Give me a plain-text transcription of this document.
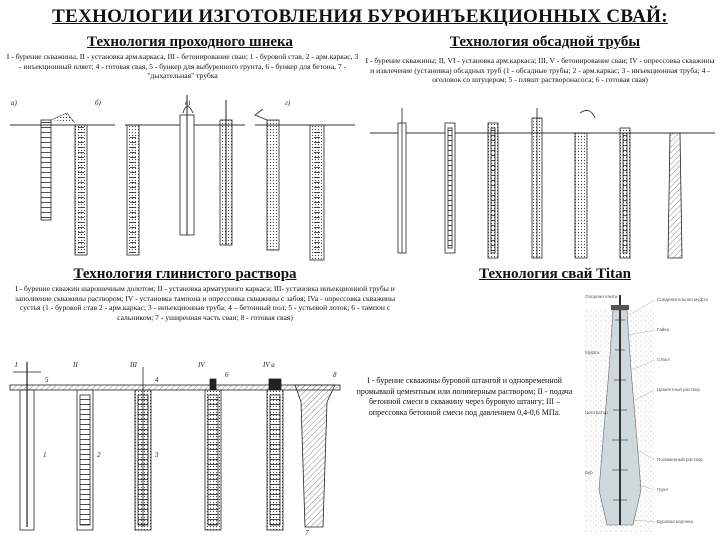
ТЕХНОЛОГИИ ИЗГОТОВЛЕНИЯ БУРОИНЪЕКЦИОННЫХ СВАЙ:
Технология проходного шнека
I - бурение скважины, II - установка арм.каркаса, III - бетонирование сваи; 1 - буровой став, 2 - арм.каркас, 3 - инъекционный пляет; 4 - готовая свая, 5 - бункер для выбуренного грунта, 6 - бункер для бетона, 7 - "дыхательная" трубка
а)	б)	в)	г)
Технология обсадной трубы
I - бурение скважины; II, VI - установка арм.каркаса; III, V - бетонирование сваи; IV - опрессовка скважины и извлечение (установка) обсадных труб (1 - обсадные трубы; 2 - арм.каркас; 3 - инъекционная труба; 4 - оголовок со штуцером; 5 - пляшт растворонасоса; 6 - готовая свая)
Технология глинистого раствора
I - бурение скважин шарошечным долотом; II - установка арматурного каркаса; III- установка инъекционной трубы и заполнение скважины раствором; IV - установка тампона и опрессовка скважины с забоя; IVa - опрессовка скважины сустья (1 - буровой став 2 - арм.каркас; 3 - инъекционная труба; 4 – бетонный пол; 5 - устьевой лоток; 6 - тампон с сальником; 7 - уширенная часть сваи; 8 - готовая свая)
I	II	III	IV	IV а
1	2	3
4
5
6
7
8
Технология свай Titan
I - бурение скважины буровой штангой и одновременной промывкой цементным или полимерным раствором; II - подача бетонной смеси в скважину через буровую штангу; III – опрессовка бетонной смеси под давлением 0,4-0,6 МПа.
Соединительная муфта
Гайка
Ствол
Цементный раствор
Полимерный раствор
Грунт
Буровая коронка
Опорная плита
Муфта
Центратор
Бур
